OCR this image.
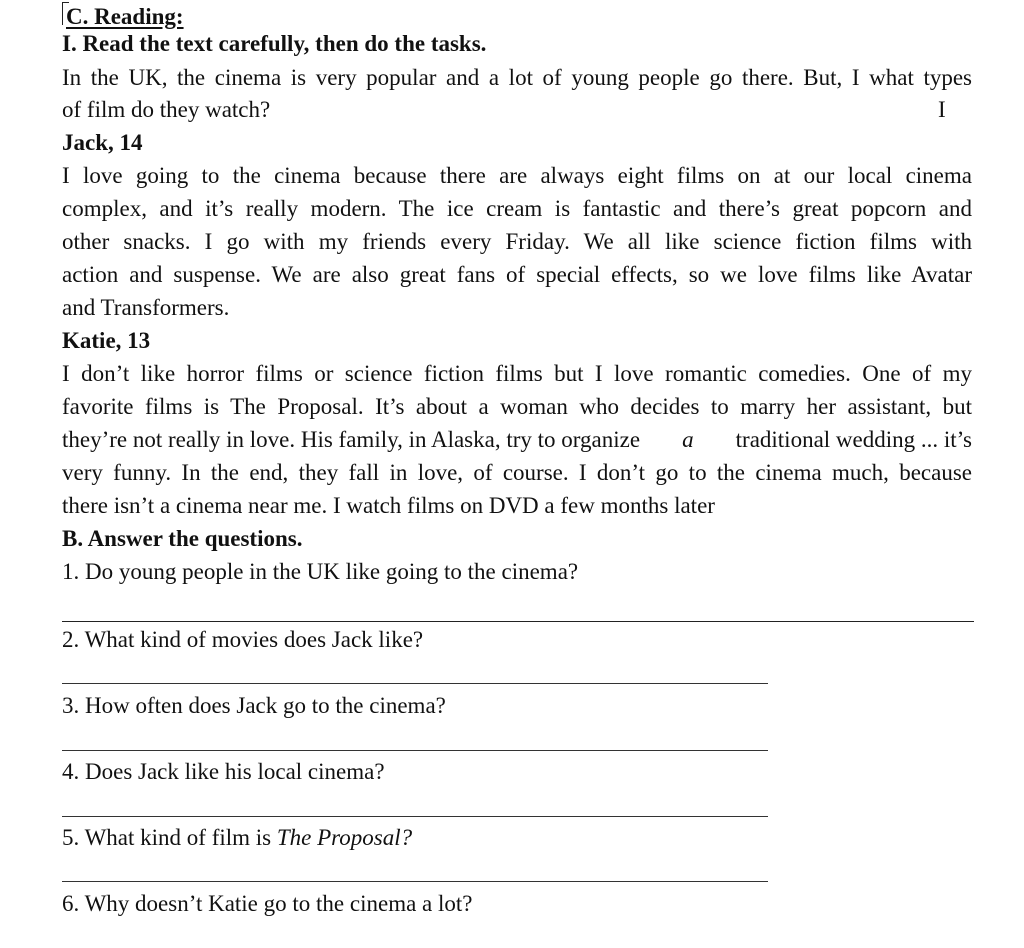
C. Reading:
I. Read the text carefully, then do the tasks.
In the UK, the cinema is very popular and a lot of young people go there. But, I what types
of film do they watch?	I
Jack, 14
I love going to the cinema because there are always eight films on at our local cinema
complex, and it’s really modern. The ice cream is fantastic and there’s great popcorn and
other snacks. I go with my friends every Friday. We all like science fiction films with
action and suspense. We are also great fans of special effects, so we love films like Avatar
and Transformers.
Katie, 13
I don’t like horror films or science fiction films but I love romantic comedies. One of my
favorite films is The Proposal. It’s about a woman who decides to marry her assistant, but
they’re not really in love. His family, in Alaska, try to organize a traditional wedding ... it’s
very funny. In the end, they fall in love, of course. I don’t go to the cinema much, because
there isn’t a cinema near me. I watch films on DVD a few months later
B. Answer the questions.
1. Do young people in the UK like going to the cinema?
2. What kind of movies does Jack like?
3. How often does Jack go to the cinema?
4. Does Jack like his local cinema?
5. What kind of film is The Proposal?
6. Why doesn’t Katie go to the cinema a lot?
